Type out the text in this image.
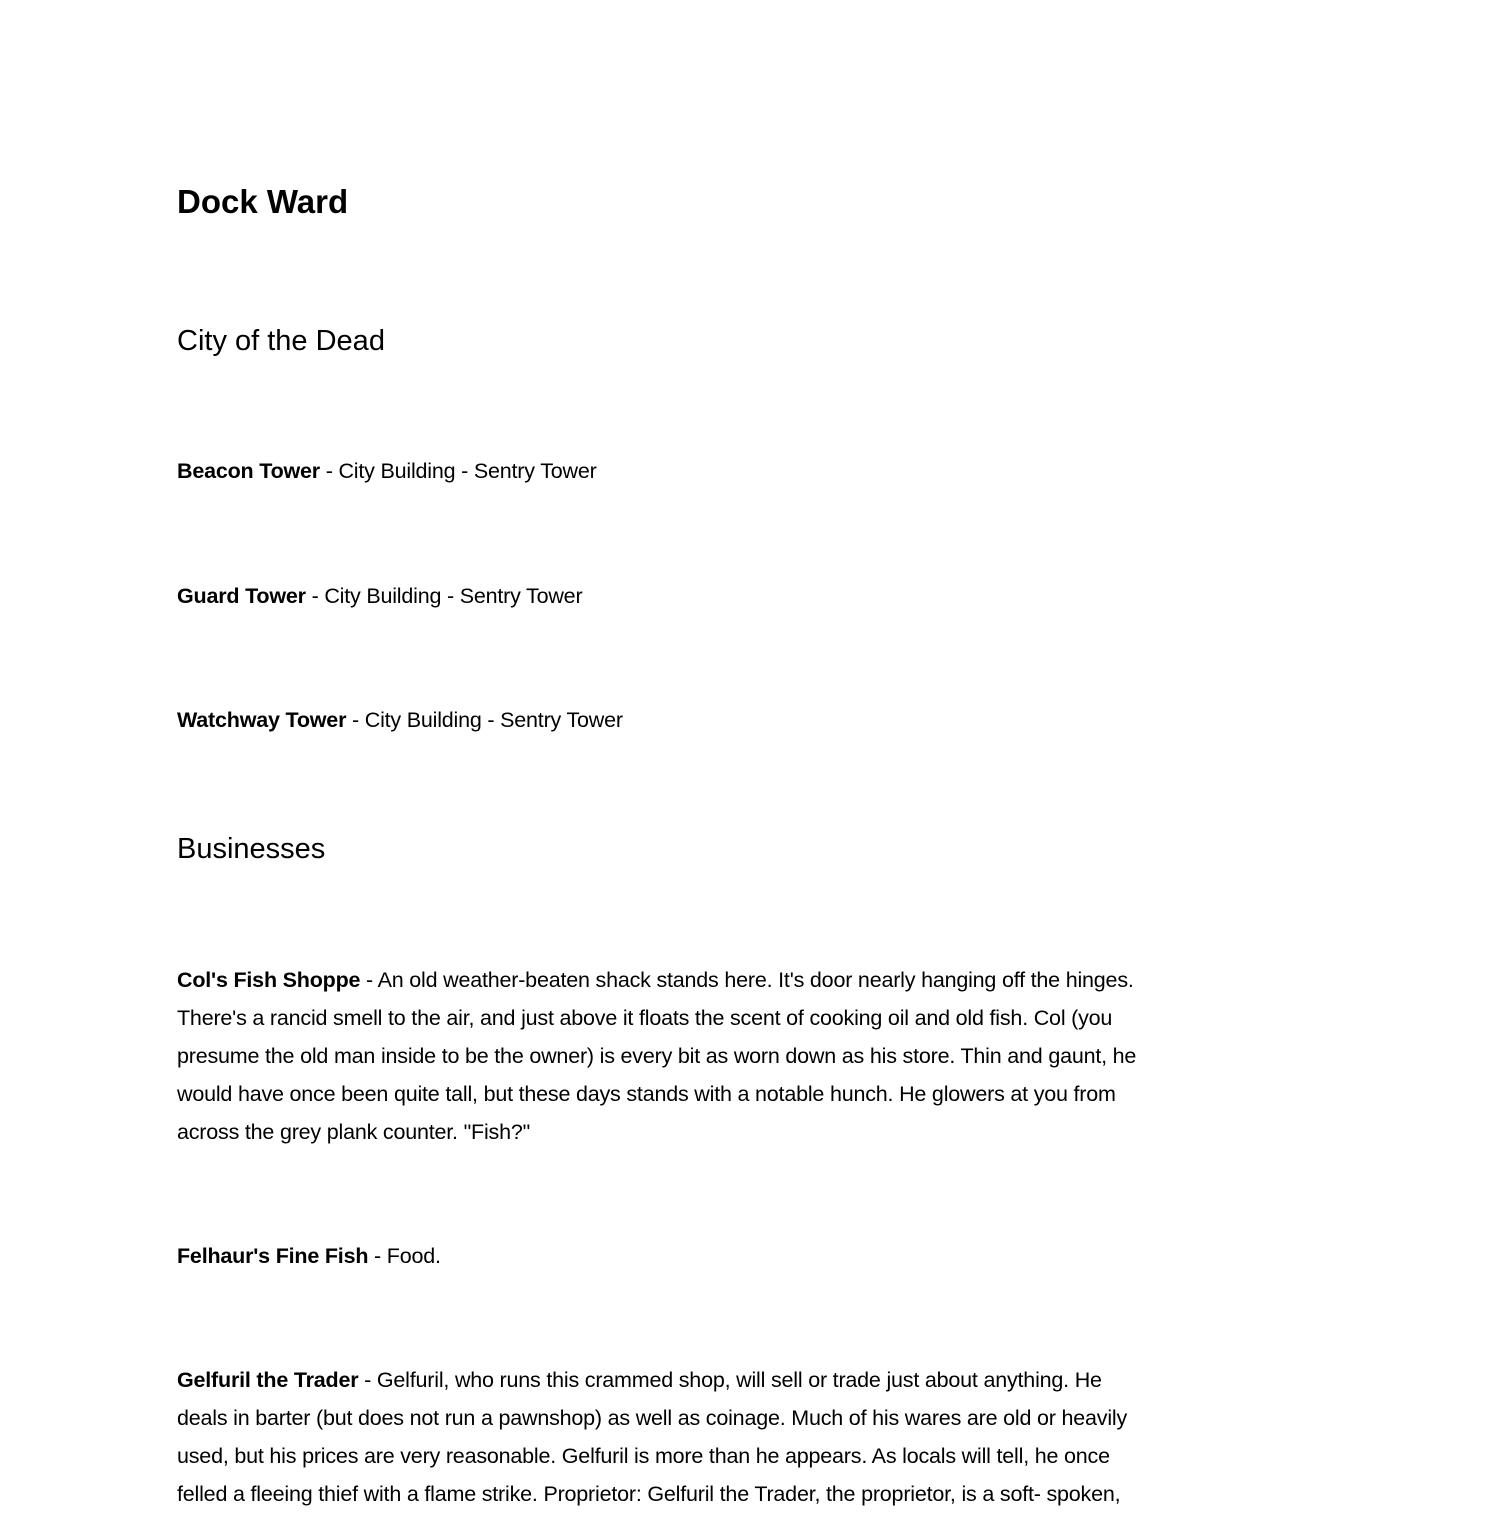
Dock Ward
City of the Dead
Beacon Tower - City Building - Sentry Tower
Guard Tower - City Building - Sentry Tower
Watchway Tower - City Building - Sentry Tower
Businesses
Col's Fish Shoppe - An old weather-beaten shack stands here. It's door nearly hanging off the hinges.
There's a rancid smell to the air, and just above it floats the scent of cooking oil and old fish. Col (you
presume the old man inside to be the owner) is every bit as worn down as his store. Thin and gaunt, he
would have once been quite tall, but these days stands with a notable hunch. He glowers at you from
across the grey plank counter. "Fish?"
Felhaur's Fine Fish - Food.
Gelfuril the Trader - Gelfuril, who runs this crammed shop, will sell or trade just about anything. He
deals in barter (but does not run a pawnshop) as well as coinage. Much of his wares are old or heavily
used, but his prices are very reasonable. Gelfuril is more than he appears. As locals will tell, he once
felled a fleeing thief with a flame strike. Proprietor: Gelfuril the Trader, the proprietor, is a soft- spoken,
